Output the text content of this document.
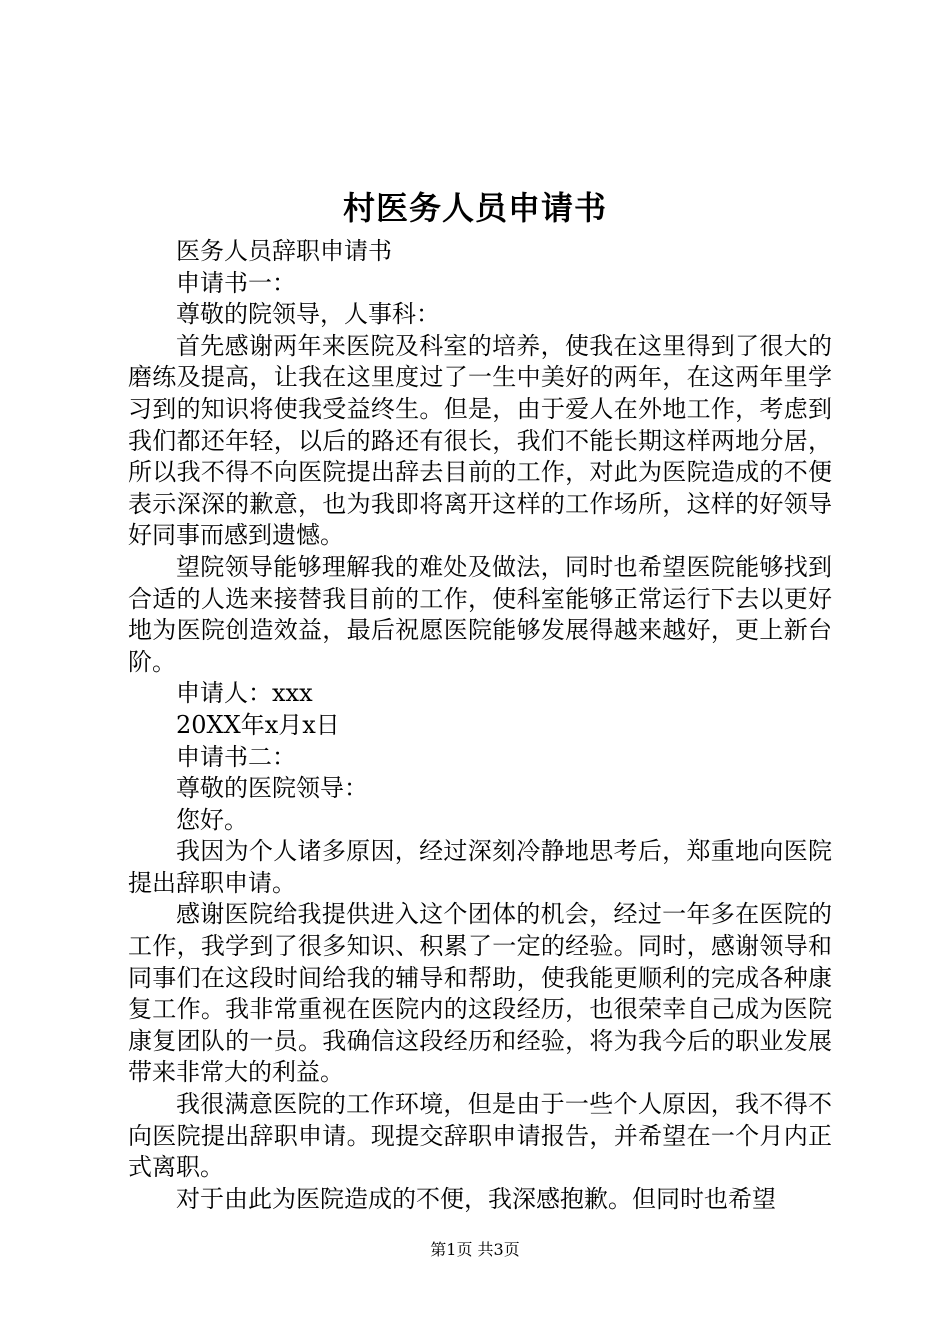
村医务人员申请书

医务人员辞职申请书

申请书一：

尊敬的院领导，人事科：

首先感谢两年来医院及科室的培养，使我在这里得到了很大的磨练及提高，让我在这里度过了一生中美好的两年，在这两年里学习到的知识将使我受益终生。但是，由于爱人在外地工作，考虑到我们都还年轻，以后的路还有很长，我们不能长期这样两地分居，所以我不得不向医院提出辞去目前的工作，对此为医院造成的不便表示深深的歉意，也为我即将离开这样的工作场所，这样的好领导好同事而感到遗憾。

望院领导能够理解我的难处及做法，同时也希望医院能够找到合适的人选来接替我目前的工作，使科室能够正常运行下去以更好地为医院创造效益，最后祝愿医院能够发展得越来越好，更上新台阶。

申请人：xxx

20XX年x月x日

申请书二：

尊敬的医院领导：

您好。

我因为个人诸多原因，经过深刻冷静地思考后，郑重地向医院提出辞职申请。

感谢医院给我提供进入这个团体的机会，经过一年多在医院的工作，我学到了很多知识、积累了一定的经验。同时，感谢领导和同事们在这段时间给我的辅导和帮助，使我能更顺利的完成各种康复工作。我非常重视在医院内的这段经历，也很荣幸自己成为医院康复团队的一员。我确信这段经历和经验，将为我今后的职业发展带来非常大的利益。

我很满意医院的工作环境，但是由于一些个人原因，我不得不向医院提出辞职申请。现提交辞职申请报告，并希望在一个月内正式离职。

对于由此为医院造成的不便，我深感抱歉。但同时也希望

第1页 共3页
